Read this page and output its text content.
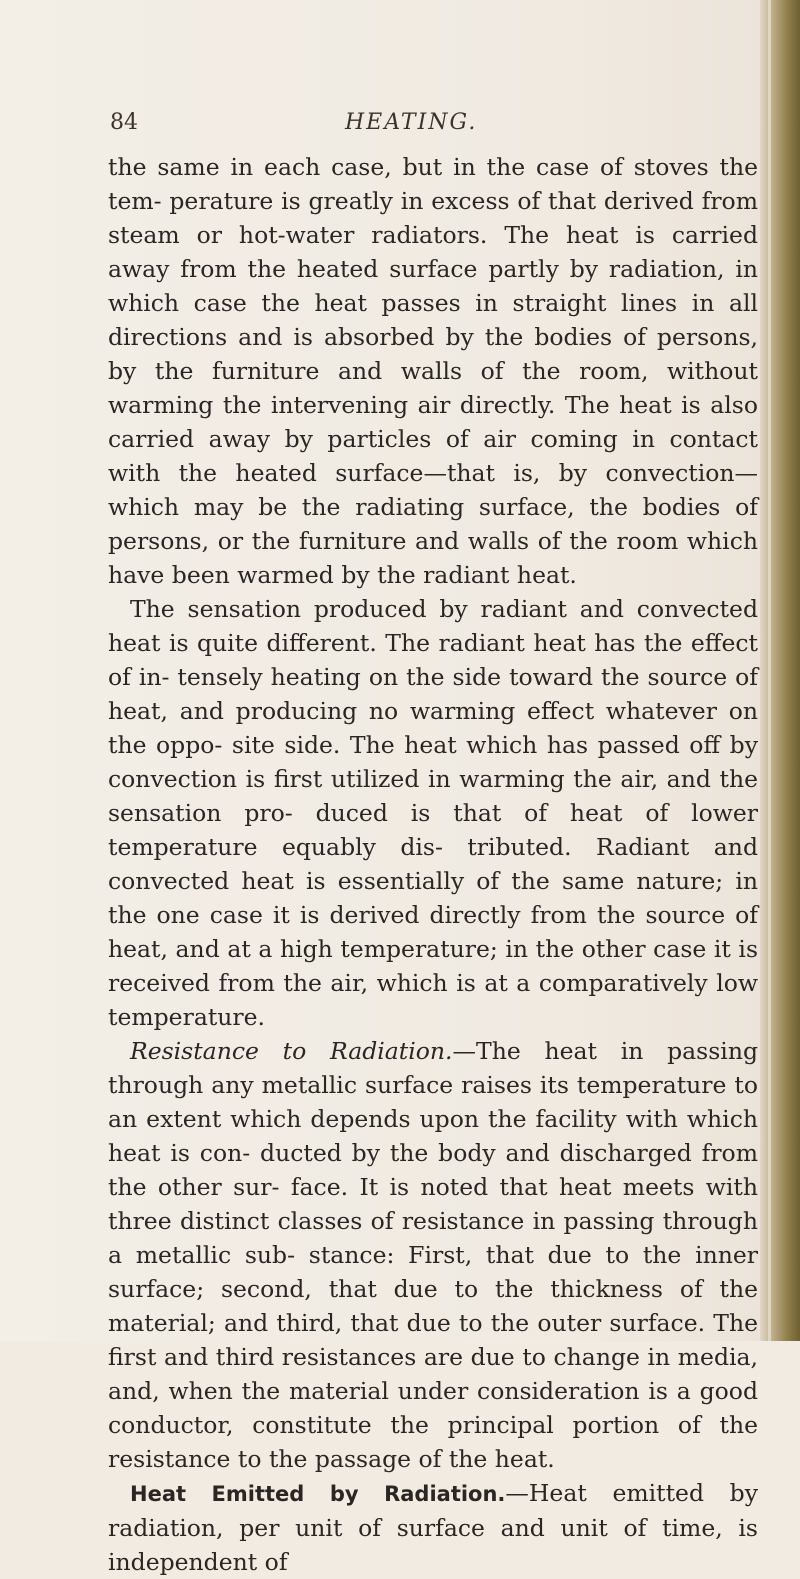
84	HEATING.

the same in each case, but in the case of stoves the tem- perature is greatly in excess of that derived from steam or hot-water radiators. The heat is carried away from the heated surface partly by radiation, in which case the heat passes in straight lines in all directions and is absorbed by the bodies of persons, by the furniture and walls of the room, without warming the intervening air directly. The heat is also carried away by particles of air coming in contact with the heated surface—that is, by convection—which may be the radiating surface, the bodies of persons, or the furniture and walls of the room which have been warmed by the radiant heat.

The sensation produced by radiant and convected heat is quite different. The radiant heat has the effect of in- tensely heating on the side toward the source of heat, and producing no warming effect whatever on the oppo- site side. The heat which has passed off by convection is first utilized in warming the air, and the sensation pro- duced is that of heat of lower temperature equably dis- tributed. Radiant and convected heat is essentially of the same nature; in the one case it is derived directly from the source of heat, and at a high temperature; in the other case it is received from the air, which is at a comparatively low temperature.

Resistance to Radiation.—The heat in passing through any metallic surface raises its temperature to an extent which depends upon the facility with which heat is con- ducted by the body and discharged from the other sur- face. It is noted that heat meets with three distinct classes of resistance in passing through a metallic sub- stance: First, that due to the inner surface; second, that due to the thickness of the material; and third, that due to the outer surface. The first and third resistances are due to change in media, and, when the material under consideration is a good conductor, constitute the principal portion of the resistance to the passage of the heat.

Heat Emitted by Radiation.—Heat emitted by radiation, per unit of surface and unit of time, is independent of
